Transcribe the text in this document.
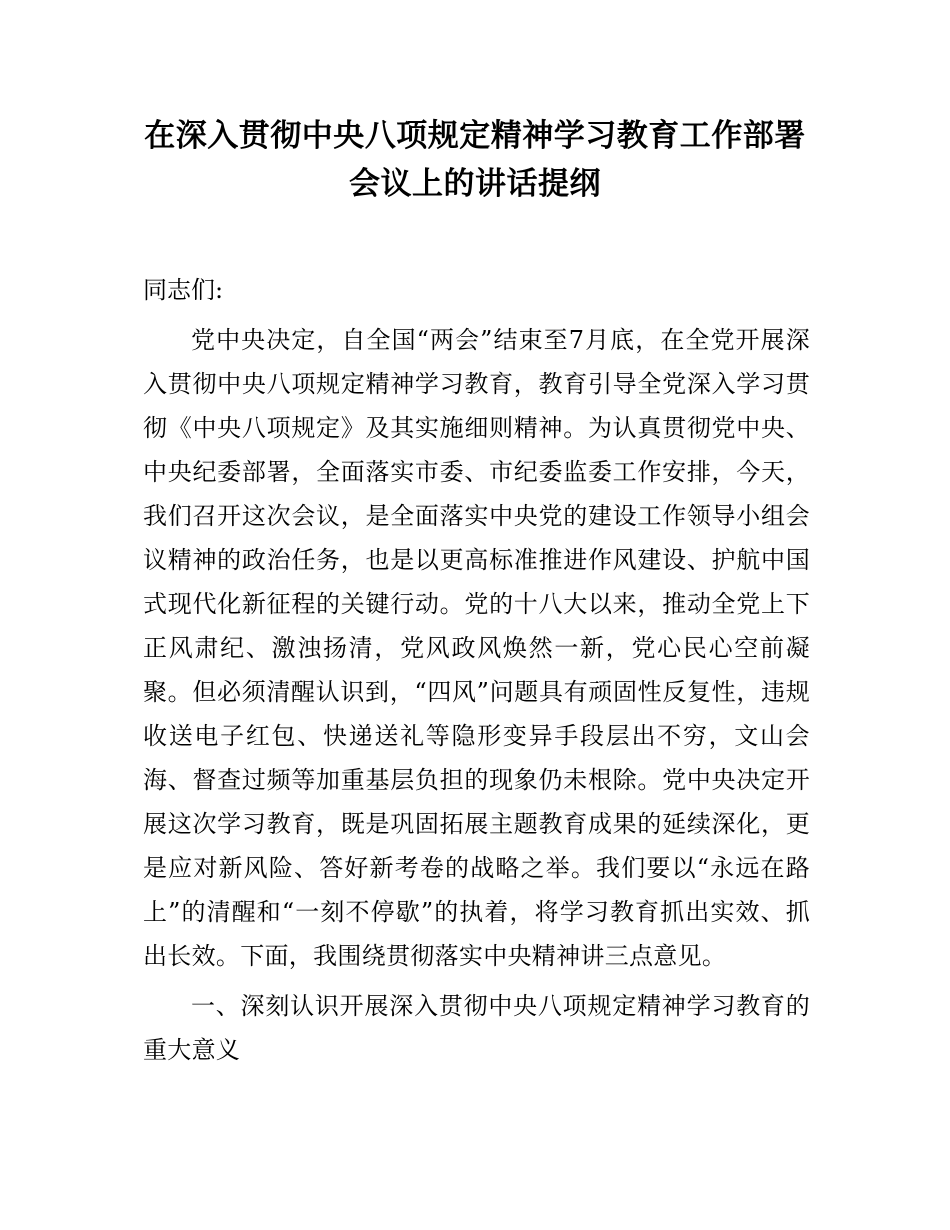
在深入贯彻中央八项规定精神学习教育工作部署会议上的讲话提纲
同志们:

党中央决定，自全国“两会”结束至7月底，在全党开展深入贯彻中央八项规定精神学习教育，教育引导全党深入学习贯彻《中央八项规定》及其实施细则精神。为认真贯彻党中央、中央纪委部署，全面落实市委、市纪委监委工作安排，今天，我们召开这次会议，是全面落实中央党的建设工作领导小组会议精神的政治任务，也是以更高标准推进作风建设、护航中国式现代化新征程的关键行动。党的十八大以来，推动全党上下正风肃纪、激浊扬清，党风政风焕然一新，党心民心空前凝聚。但必须清醒认识到，“四风”问题具有顽固性反复性，违规收送电子红包、快递送礼等隐形变异手段层出不穷，文山会海、督查过频等加重基层负担的现象仍未根除。党中央决定开展这次学习教育，既是巩固拓展主题教育成果的延续深化，更是应对新风险、答好新考卷的战略之举。我们要以“永远在路上”的清醒和“一刻不停歇”的执着，将学习教育抓出实效、抓出长效。下面，我围绕贯彻落实中央精神讲三点意见。

一、深刻认识开展深入贯彻中央八项规定精神学习教育的重大意义
